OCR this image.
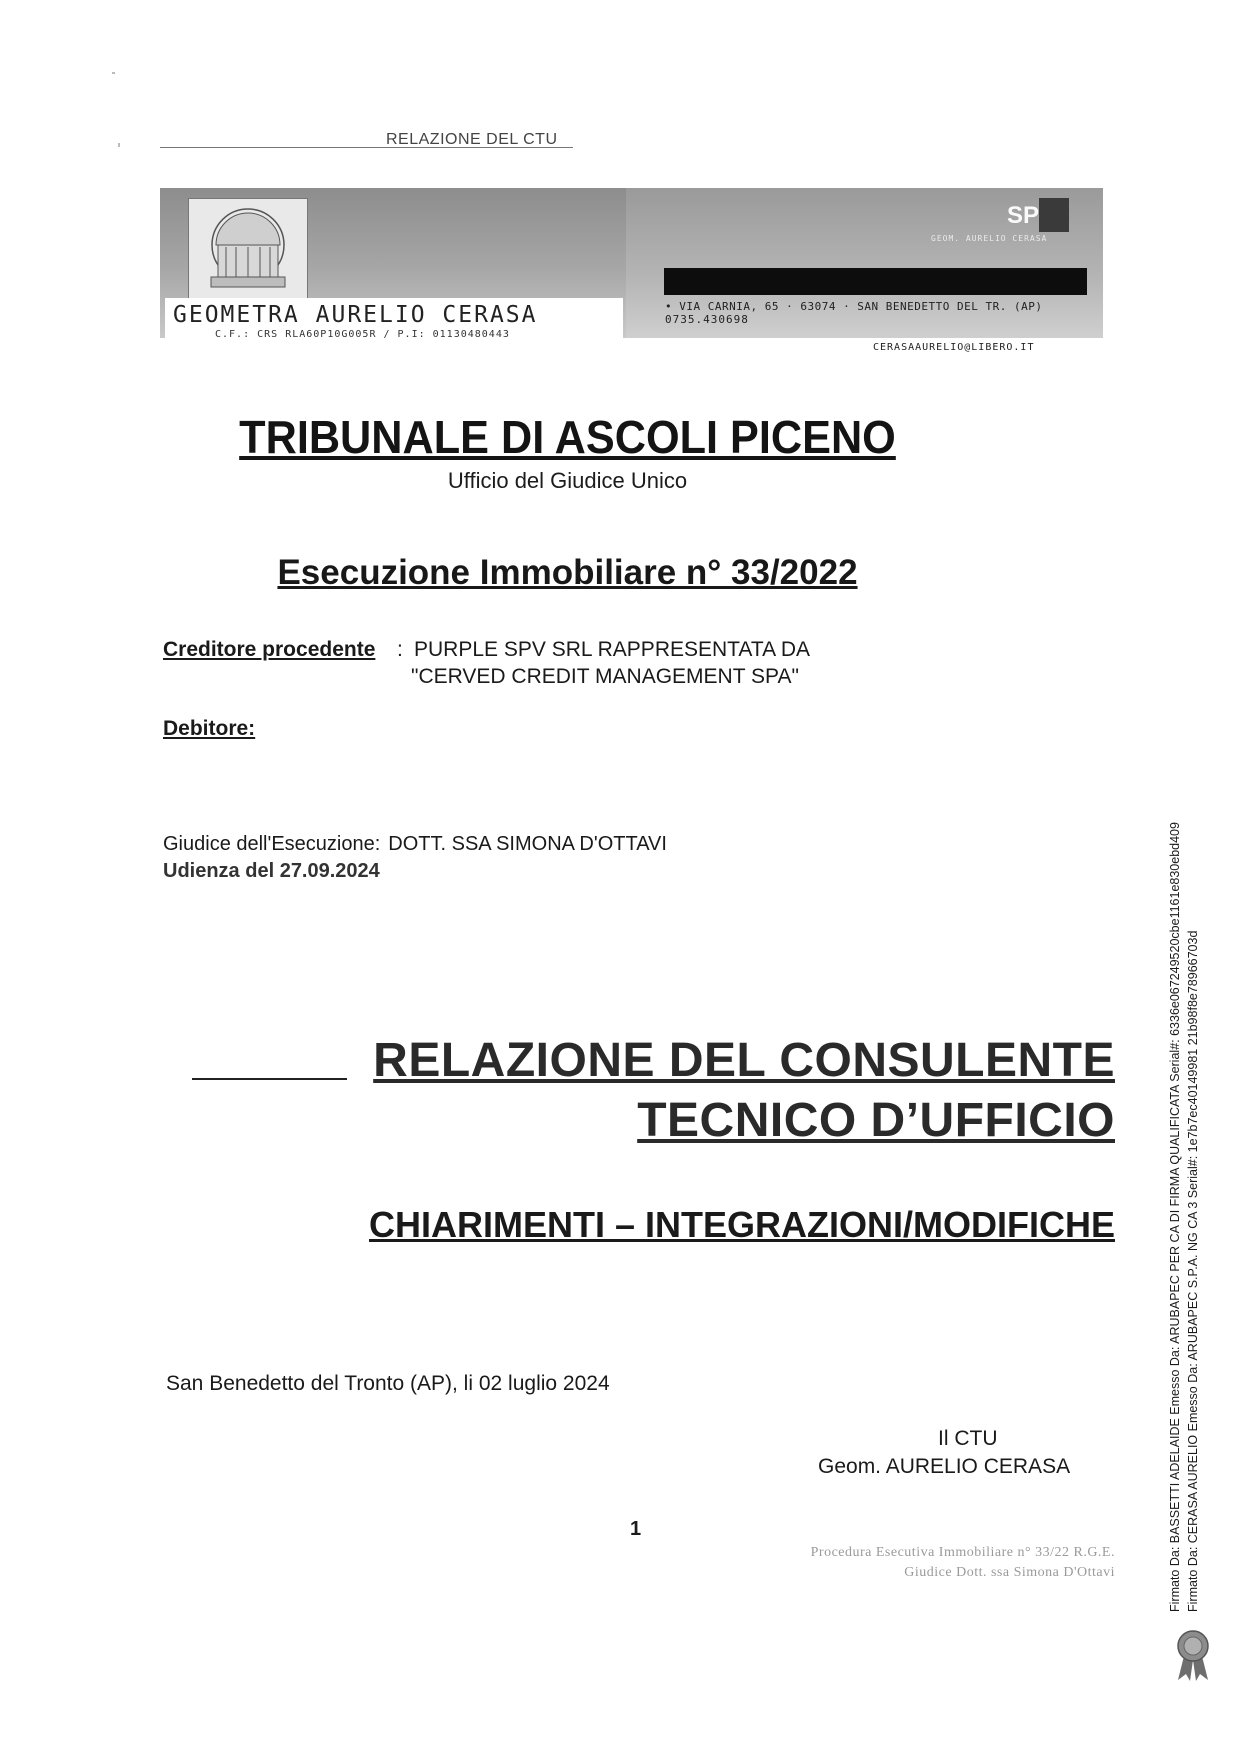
RELAZIONE DEL CTU
GEOMETRA AURELIO CERASA
C.F.: CRS RLA60P10G005R / P.I: 01130480443
SP
GEOM. AURELIO CERASA
• VIA CARNIA, 65 · 63074 · SAN BENEDETTO DEL TR. (AP)
0735.430698
CERASAAURELIO@LIBERO.IT
TRIBUNALE DI ASCOLI PICENO
Ufficio del Giudice Unico
Esecuzione Immobiliare n° 33/2022
Creditore procedente : PURPLE SPV SRL RAPPRESENTATA DA
"CERVED CREDIT MANAGEMENT SPA"
Debitore:
Giudice dell'Esecuzione: DOTT. SSA SIMONA D'OTTAVI
Udienza del 27.09.2024
RELAZIONE DEL CONSULENTE
TECNICO D’UFFICIO
CHIARIMENTI – INTEGRAZIONI/MODIFICHE
San Benedetto del Tronto (AP), li 02 luglio 2024
Il CTU
Geom. AURELIO CERASA
1
Procedura Esecutiva Immobiliare n° 33/22 R.G.E.
Giudice Dott. ssa Simona D'Ottavi	Firmato Da: BASSETTI ADELAIDE Emesso Da: ARUBAPEC PER CA DI FIRMA QUALIFICATA Serial#: 6336e067249520cbe1161e830ebd409 Firmato Da: CERASA AURELIO Emesso Da: ARUBAPEC S.P.A. NG CA 3 Serial#: 1e7b7ec40149981 21b98f8e78966703d
